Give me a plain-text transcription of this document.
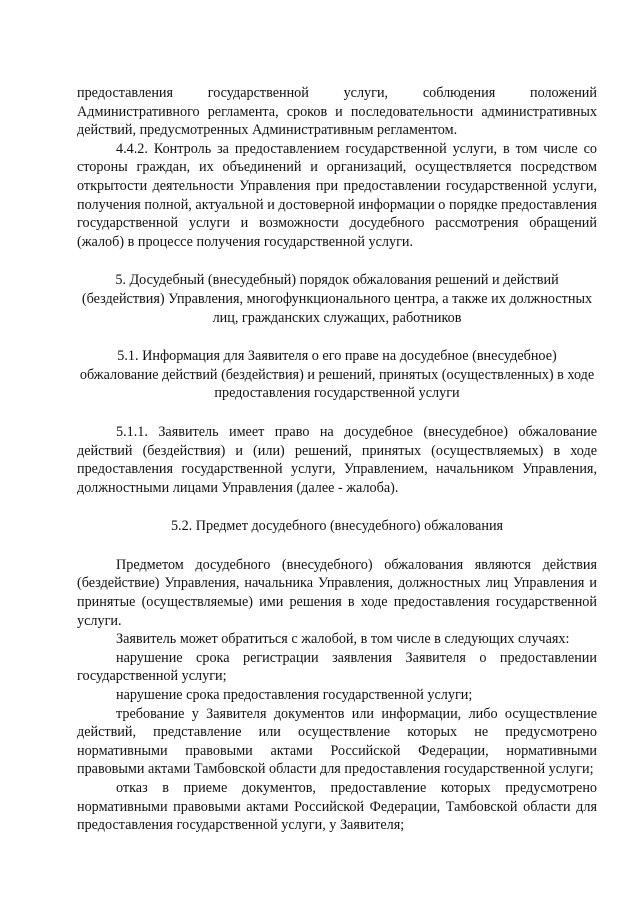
предоставления государственной услуги, соблюдения положений Административного регламента, сроков и последовательности административных действий, предусмотренных Административным регламентом.

4.4.2. Контроль за предоставлением государственной услуги, в том числе со стороны граждан, их объединений и организаций, осуществляется посредством открытости деятельности Управления при предоставлении государственной услуги, получения полной, актуальной и достоверной информации о порядке предоставления государственной услуги и возможности досудебного рассмотрения обращений (жалоб) в процессе получения государственной услуги.

5. Досудебный (внесудебный) порядок обжалования решений и действий (бездействия) Управления, многофункционального центра, а также их должностных лиц, гражданских служащих, работников

5.1. Информация для Заявителя о его праве на досудебное (внесудебное) обжалование действий (бездействия) и решений, принятых (осуществленных) в ходе предоставления государственной услуги

5.1.1. Заявитель имеет право на досудебное (внесудебное) обжалование действий (бездействия) и (или) решений, принятых (осуществляемых) в ходе предоставления государственной услуги, Управлением, начальником Управления, должностными лицами Управления (далее - жалоба).

5.2. Предмет досудебного (внесудебного) обжалования

Предметом досудебного (внесудебного) обжалования являются действия (бездействие) Управления, начальника Управления, должностных лиц Управления и принятые (осуществляемые) ими решения в ходе предоставления государственной услуги.

Заявитель может обратиться с жалобой, в том числе в следующих случаях:

нарушение срока регистрации заявления Заявителя о предоставлении государственной услуги;

нарушение срока предоставления государственной услуги;

требование у Заявителя документов или информации, либо осуществление действий, представление или осуществление которых не предусмотрено нормативными правовыми актами Российской Федерации, нормативными правовыми актами Тамбовской области для предоставления государственной услуги;

отказ в приеме документов, предоставление которых предусмотрено нормативными правовыми актами Российской Федерации, Тамбовской области для предоставления государственной услуги, у Заявителя;
